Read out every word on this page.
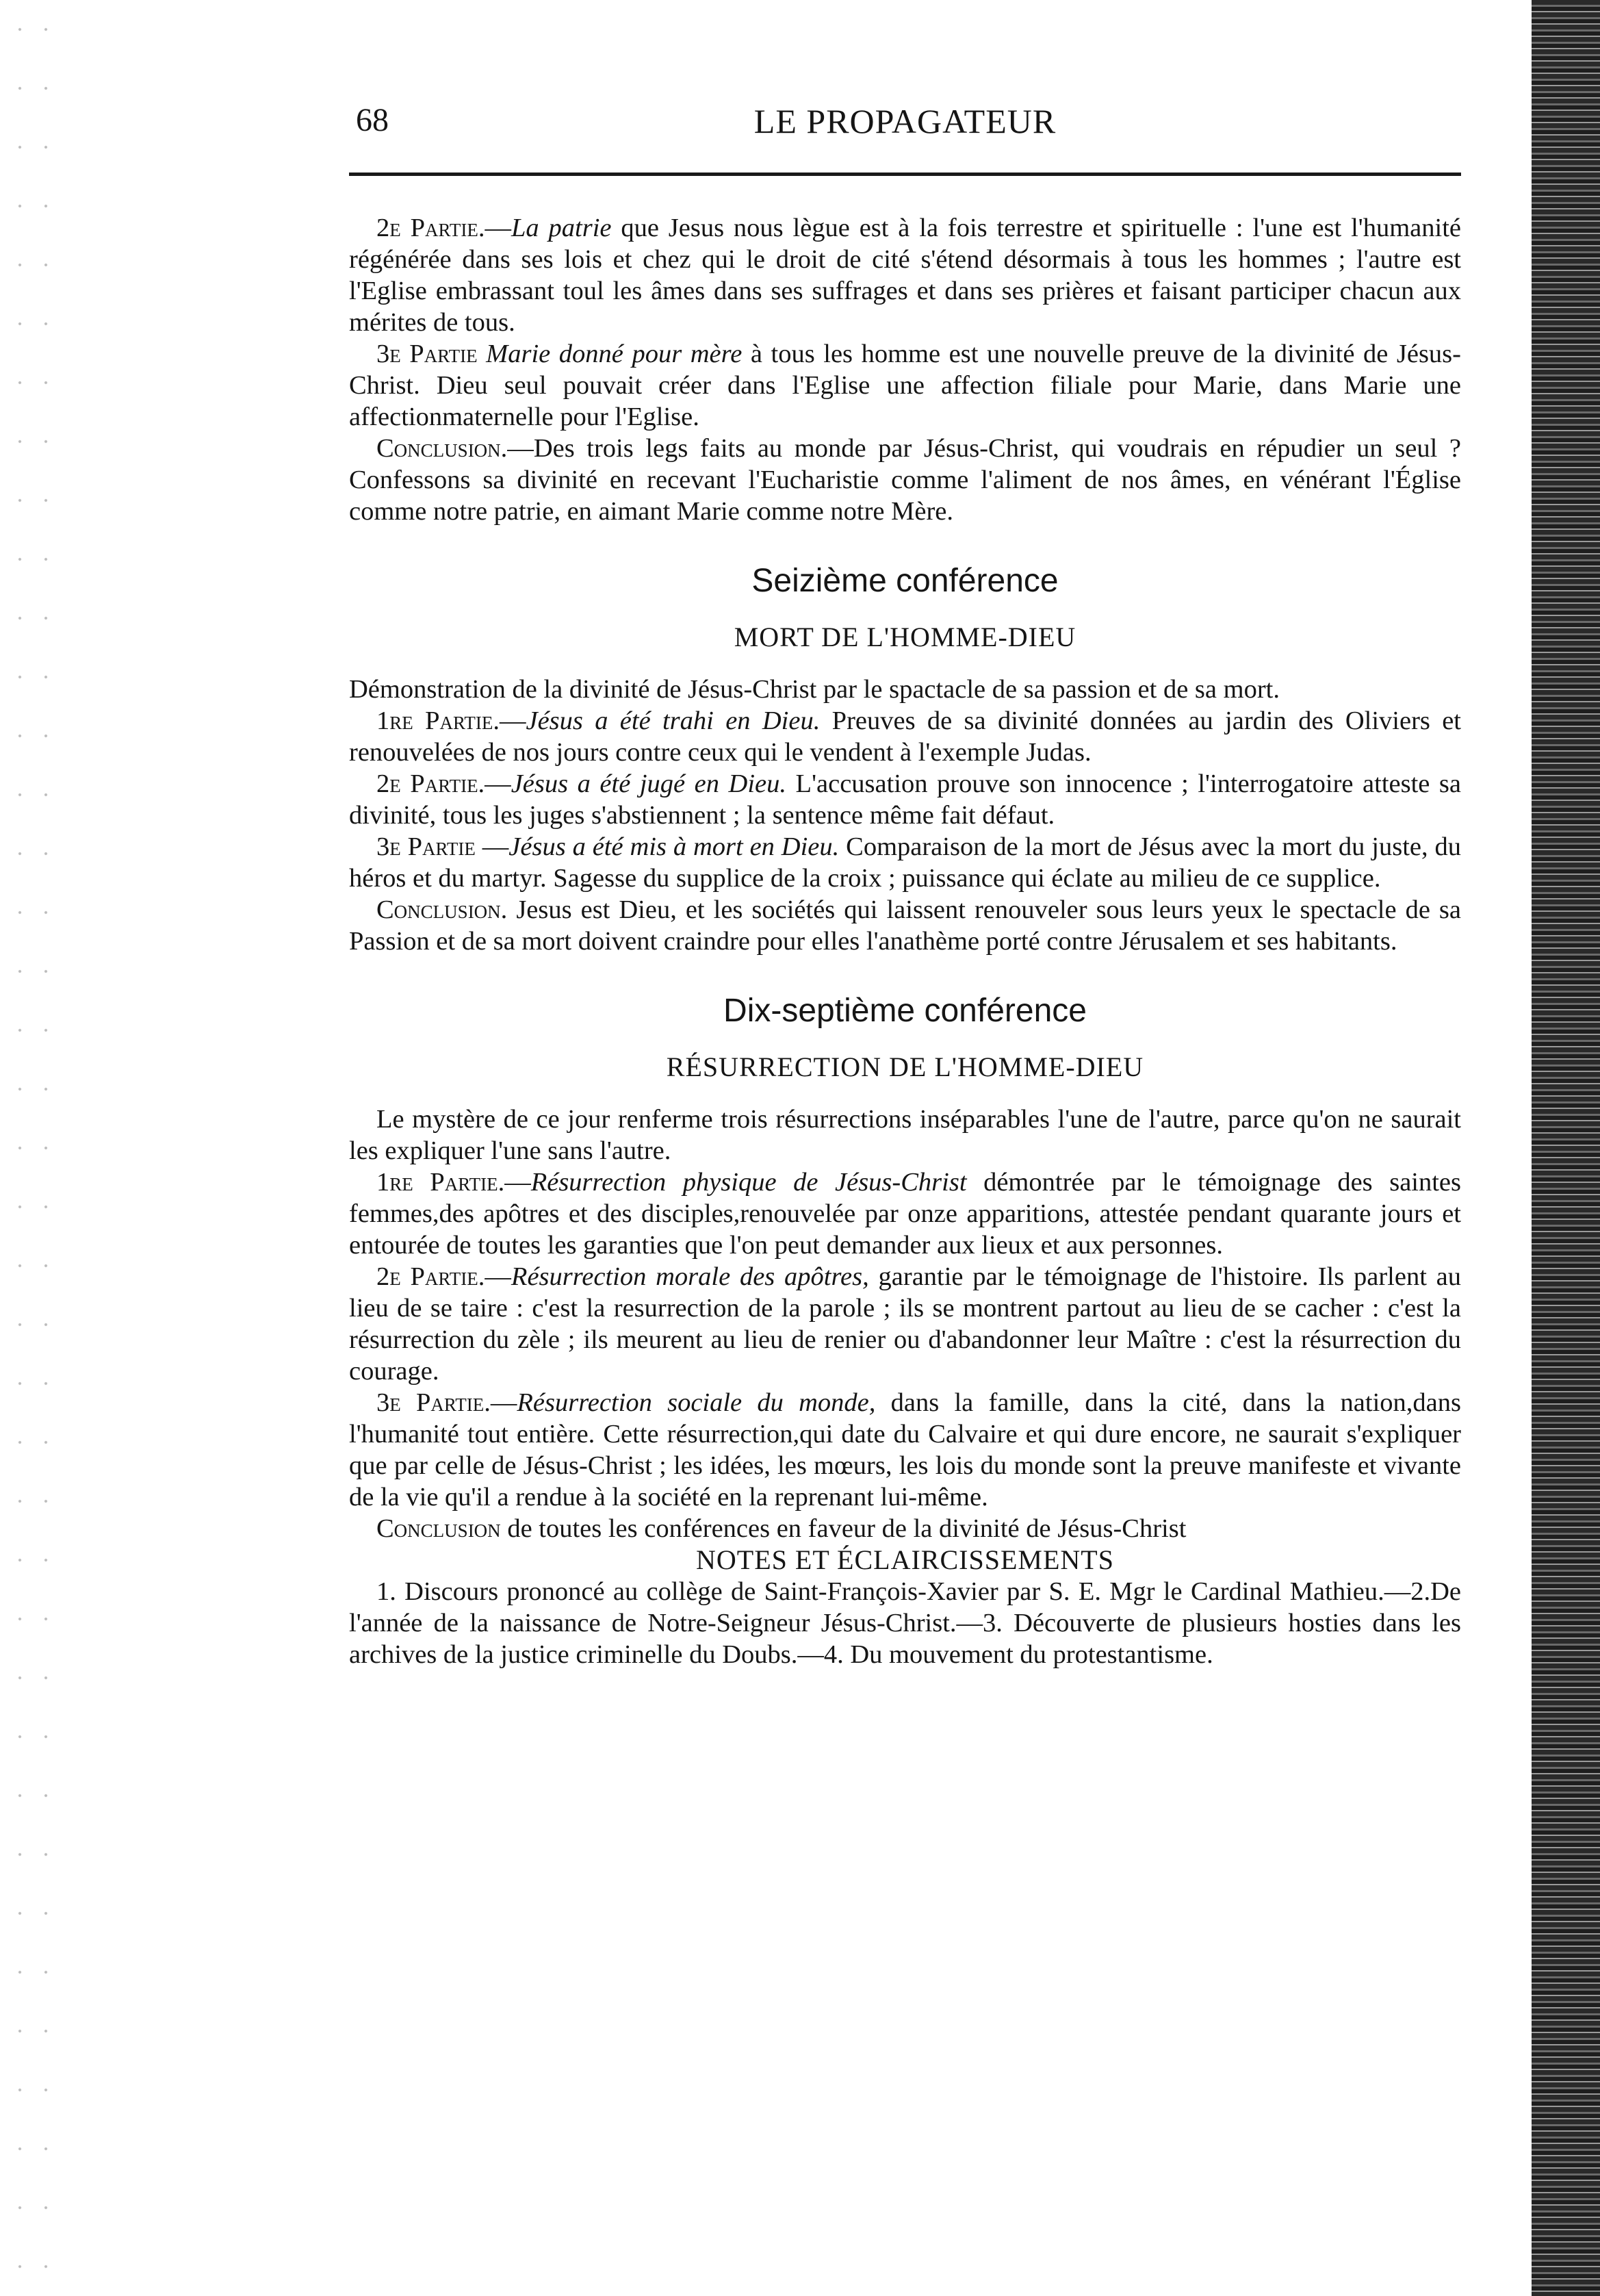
68	LE PROPAGATEUR

2e Partie.—La patrie que Jesus nous lègue est à la fois terrestre et spirituelle : l'une est l'humanité régénérée dans ses lois et chez qui le droit de cité s'étend désormais à tous les hommes ; l'autre est l'Eglise embrassant toul les âmes dans ses suffrages et dans ses prières et faisant participer chacun aux mérites de tous.

3e Partie Marie donné pour mère à tous les homme est une nouvelle preuve de la divinité de Jésus-Christ. Dieu seul pouvait créer dans l'Eglise une affection filiale pour Marie, dans Marie une affectionmaternelle pour l'Eglise.

Conclusion.—Des trois legs faits au monde par Jésus-Christ, qui voudrais en répudier un seul ? Confessons sa divinité en recevant l'Eucharistie comme l'aliment de nos âmes, en vénérant l'Église comme notre patrie, en aimant Marie comme notre Mère.

Seizième conférence
MORT DE L'HOMME-DIEU

Démonstration de la divinité de Jésus-Christ par le spactacle de sa passion et de sa mort.

1re Partie.—Jésus a été trahi en Dieu. Preuves de sa divinité données au jardin des Oliviers et renouvelées de nos jours contre ceux qui le vendent à l'exemple Judas.

2e Partie.—Jésus a été jugé en Dieu. L'accusation prouve son innocence ; l'interrogatoire atteste sa divinité, tous les juges s'abstiennent ; la sentence même fait défaut.

3e Partie —Jésus a été mis à mort en Dieu. Comparaison de la mort de Jésus avec la mort du juste, du héros et du martyr. Sagesse du supplice de la croix ; puissance qui éclate au milieu de ce supplice.

Conclusion. Jesus est Dieu, et les sociétés qui laissent renouveler sous leurs yeux le spectacle de sa Passion et de sa mort doivent craindre pour elles l'anathème porté contre Jérusalem et ses habitants.

Dix-septième conférence
RÉSURRECTION DE L'HOMME-DIEU

Le mystère de ce jour renferme trois résurrections inséparables l'une de l'autre, parce qu'on ne saurait les expliquer l'une sans l'autre.

1re Partie.—Résurrection physique de Jésus-Christ démontrée par le témoignage des saintes femmes,des apôtres et des disciples,renouvelée par onze apparitions, attestée pendant quarante jours et entourée de toutes les garanties que l'on peut demander aux lieux et aux personnes.

2e Partie.—Résurrection morale des apôtres, garantie par le témoignage de l'histoire. Ils parlent au lieu de se taire : c'est la resurrection de la parole ; ils se montrent partout au lieu de se cacher : c'est la résurrection du zèle ; ils meurent au lieu de renier ou d'abandonner leur Maître : c'est la résurrection du courage.

3e Partie.—Résurrection sociale du monde, dans la famille, dans la cité, dans la nation,dans l'humanité tout entière. Cette résurrection,qui date du Calvaire et qui dure encore, ne saurait s'expliquer que par celle de Jésus-Christ ; les idées, les mœurs, les lois du monde sont la preuve manifeste et vivante de la vie qu'il a rendue à la société en la reprenant lui-même.

Conclusion de toutes les conférences en faveur de la divinité de Jésus-Christ

NOTES ET ÉCLAIRCISSEMENTS

1. Discours prononcé au collège de Saint-François-Xavier par S. E. Mgr le Cardinal Mathieu.—2.De l'année de la naissance de Notre-Seigneur Jésus-Christ.—3. Découverte de plusieurs hosties dans les archives de la justice criminelle du Doubs.—4. Du mouvement du protestantisme.
